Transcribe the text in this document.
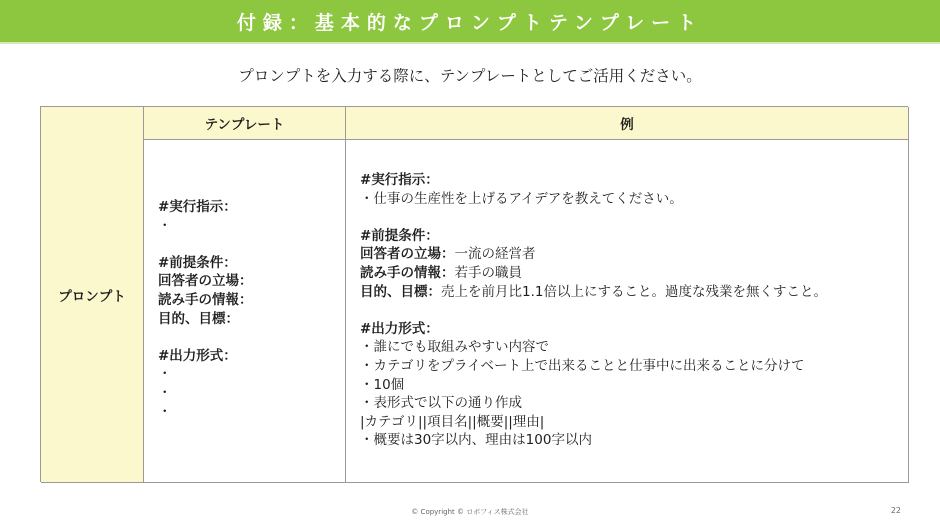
付録：基本的なプロンプトテンプレート
プロンプトを入力する際に、テンプレートとしてご活用ください。
プロンプト
テンプレート	例
#実行指示：
・
#前提条件：
回答者の立場：
読み手の情報：
目的、目標：
#出力形式：
・
・
・
#実行指示：
・仕事の生産性を上げるアイデアを教えてください。
#前提条件：
回答者の立場：一流の経営者
読み手の情報：若手の職員
目的、目標：売上を前月比1.1倍以上にすること。過度な残業を無くすこと。
#出力形式：
・誰にでも取組みやすい内容で
・カテゴリをプライベート上で出来ることと仕事中に出来ることに分けて
・10個
・表形式で以下の通り作成
|カテゴリ||項目名||概要||理由|
・概要は30字以内、理由は100字以内
© Copyright © ロボフィス株式会社	22
